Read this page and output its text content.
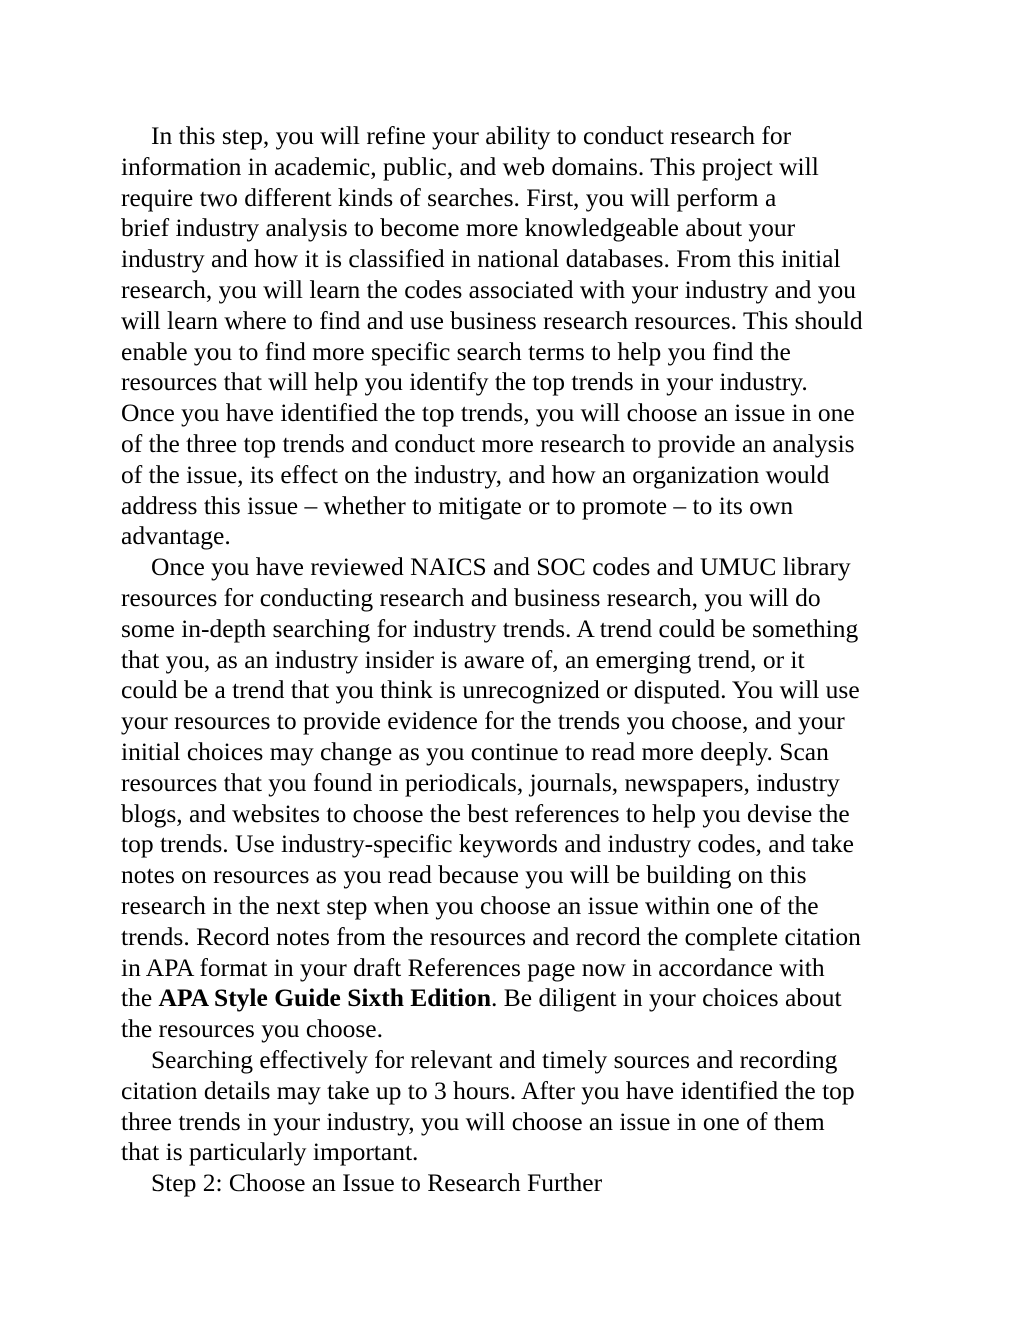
In this step, you will refine your ability to conduct research for
information in academic, public, and web domains. This project will
require two different kinds of searches. First, you will perform a
brief industry analysis to become more knowledgeable about your
industry and how it is classified in national databases. From this initial
research, you will learn the codes associated with your industry and you
will learn where to find and use business research resources. This should
enable you to find more specific search terms to help you find the
resources that will help you identify the top trends in your industry.
Once you have identified the top trends, you will choose an issue in one
of the three top trends and conduct more research to provide an analysis
of the issue, its effect on the industry, and how an organization would
address this issue – whether to mitigate or to promote – to its own
advantage.

Once you have reviewed NAICS and SOC codes and UMUC library
resources for conducting research and business research, you will do
some in-depth searching for industry trends. A trend could be something
that you, as an industry insider is aware of, an emerging trend, or it
could be a trend that you think is unrecognized or disputed. You will use
your resources to provide evidence for the trends you choose, and your
initial choices may change as you continue to read more deeply. Scan
resources that you found in periodicals, journals, newspapers, industry
blogs, and websites to choose the best references to help you devise the
top trends. Use industry-specific keywords and industry codes, and take
notes on resources as you read because you will be building on this
research in the next step when you choose an issue within one of the
trends. Record notes from the resources and record the complete citation
in APA format in your draft References page now in accordance with
the APA Style Guide Sixth Edition. Be diligent in your choices about
the resources you choose.

Searching effectively for relevant and timely sources and recording
citation details may take up to 3 hours. After you have identified the top
three trends in your industry, you will choose an issue in one of them
that is particularly important.

Step 2: Choose an Issue to Research Further
